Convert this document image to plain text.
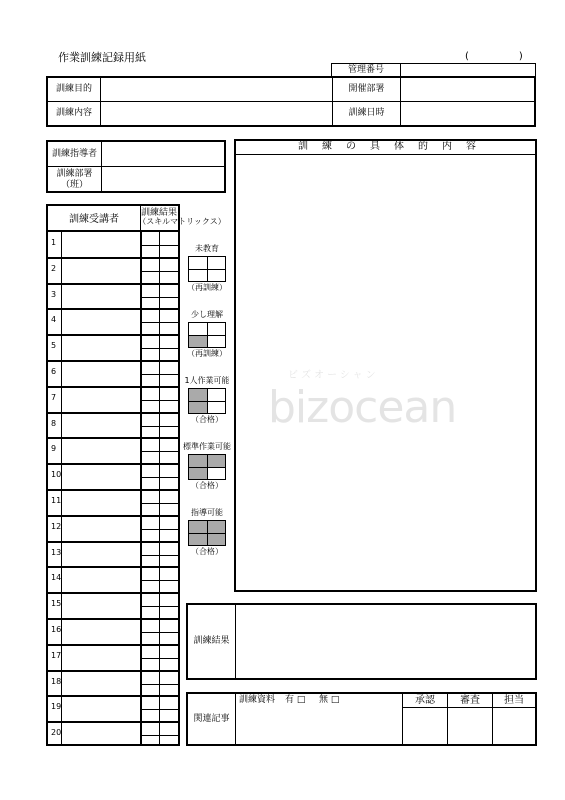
作業訓練記録用紙	(　　　　　)
管理番号
訓練目的	開催部署
訓練内容	訓練日時
訓練指導者
訓練部署
（班）
訓練受講者
訓練結果
1
2
3
4
5
6
7
8
9
10
11
12
13
14
15
16
17
18
19
20
（スキルマトリックス）
未教育
（再訓練）
少し理解
（再訓練）
1人作業可能
（合格）
標準作業可能
（合格）
指導可能
（合格）
訓練の具体的内容
訓練結果
関連記事
訓練資料 有 □ 無 □	承認	審査	担当
bizocean
ビズオーシャン
